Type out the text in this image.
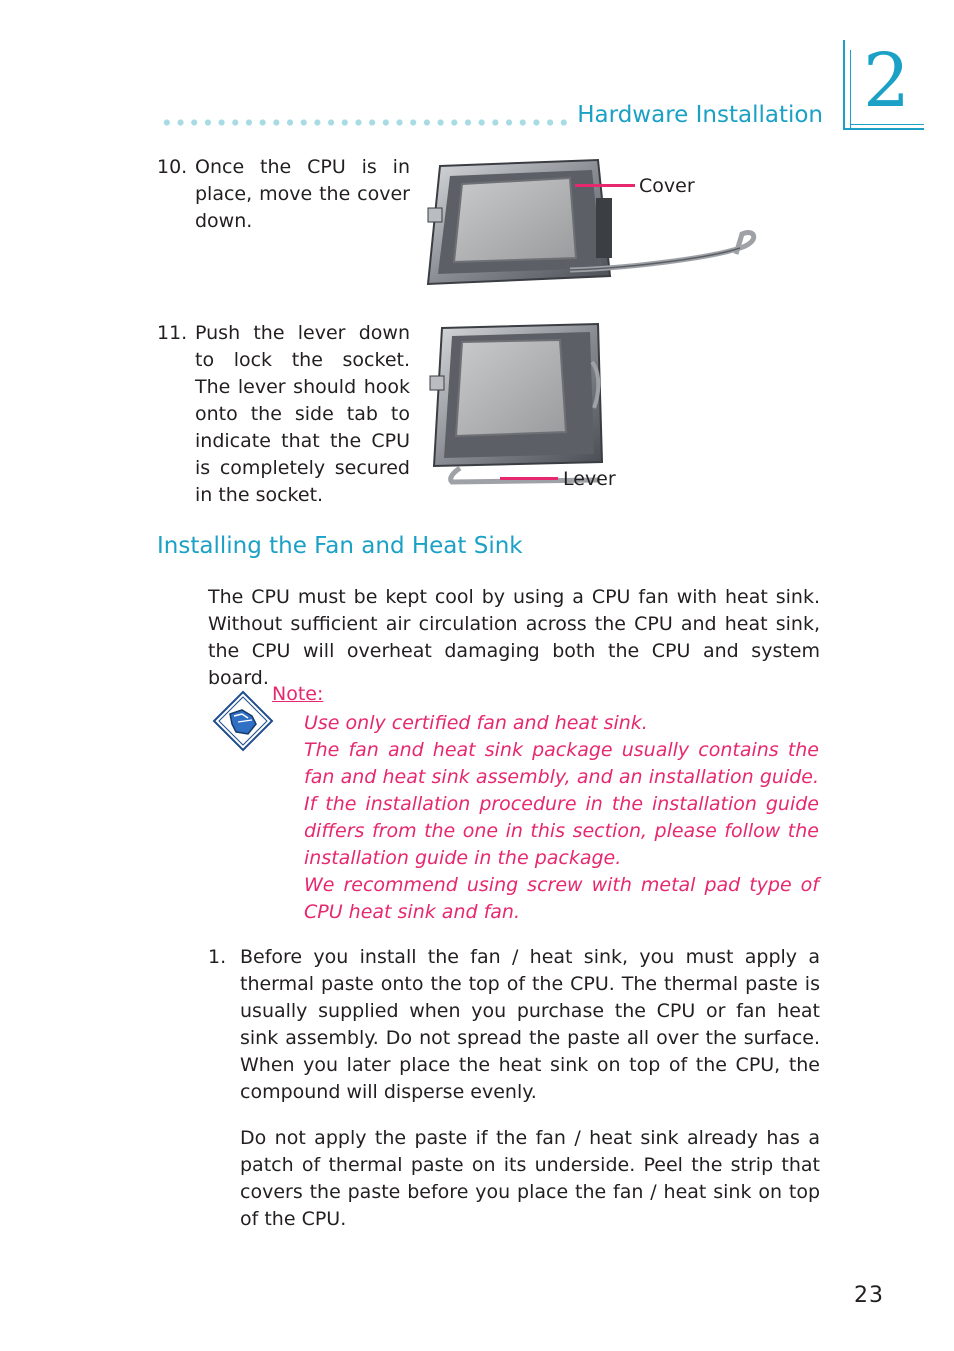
Hardware Installation 2
10. Once the CPU is in place, move the cover down.
Cover
11. Push the lever down to lock the socket. The lever should hook onto the side tab to indicate that the CPU is completely secured in the socket.
Lever
Installing the Fan and Heat Sink
The CPU must be kept cool by using a CPU fan with heat sink. Without sufficient air circulation across the CPU and heat sink, the CPU will overheat damaging both the CPU and system board.
Note:

Use only certified fan and heat sink.

The fan and heat sink package usually contains the fan and heat sink assembly, and an installation guide. If the installation procedure in the installation guide differs from the one in this section, please follow the installation guide in the package.

We recommend using screw with metal pad type of CPU heat sink and fan.

1. Before you install the fan / heat sink, you must apply a thermal paste onto the top of the CPU. The thermal paste is usually supplied when you purchase the CPU or fan heat sink assembly. Do not spread the paste all over the surface. When you later place the heat sink on top of the CPU, the compound will disperse evenly.

Do not apply the paste if the fan / heat sink already has a patch of thermal paste on its underside. Peel the strip that covers the paste before you place the fan / heat sink on top of the CPU.

23
